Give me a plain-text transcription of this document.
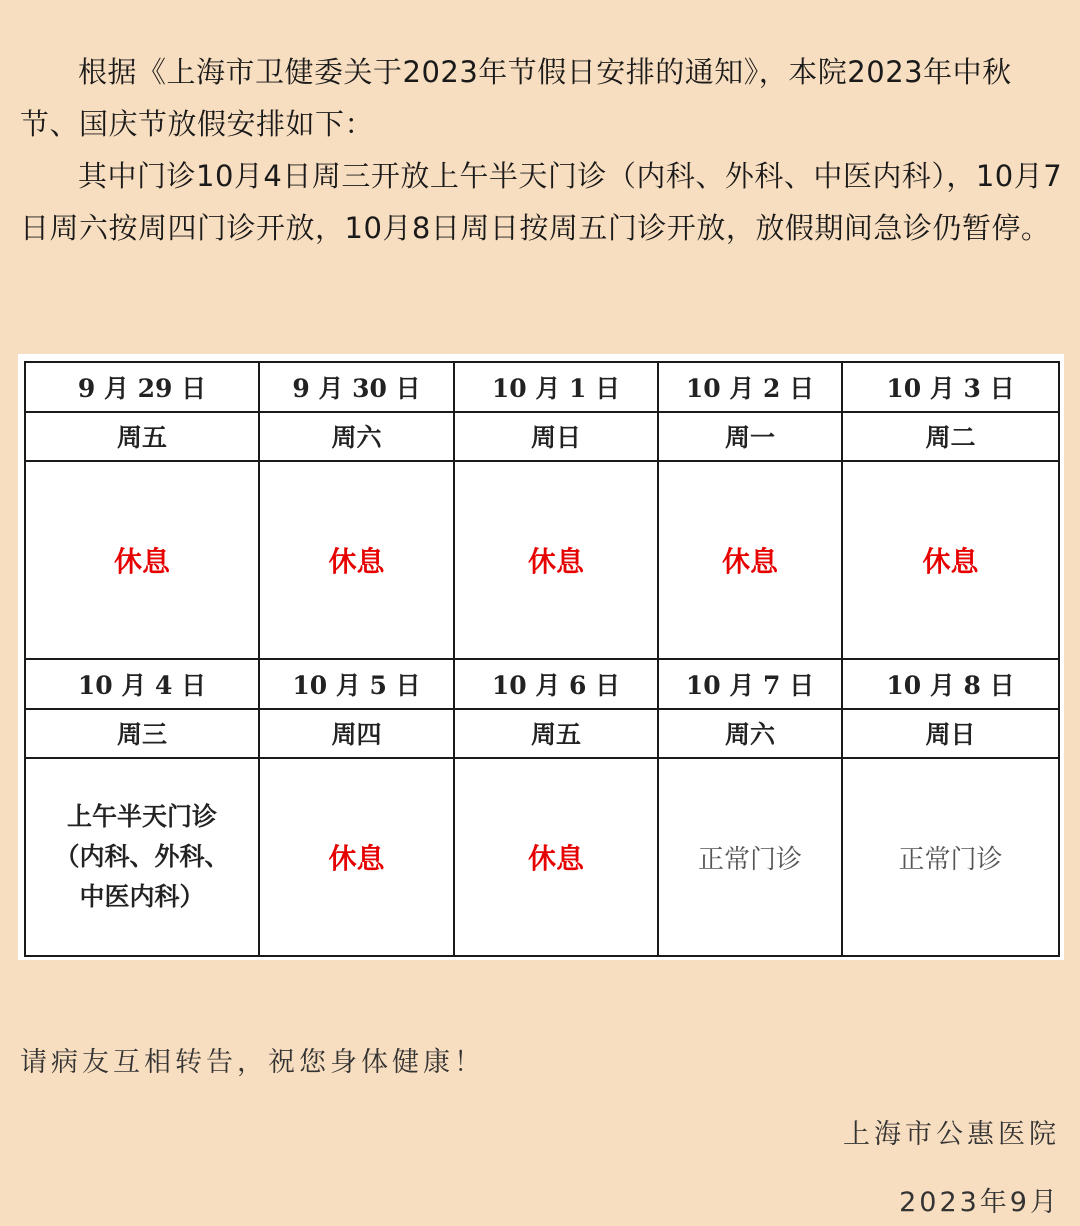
根据《上海市卫健委关于2023年节假日安排的通知》，本院2023年中秋节、国庆节放假安排如下：

其中门诊10月4日周三开放上午半天门诊（内科、外科、中医内科），10月7日周六按周四门诊开放，10月8日周日按周五门诊开放，放假期间急诊仍暂停。

9 月 29 日	9 月 30 日	10 月 1 日	10 月 2 日	10 月 3 日
周五	周六	周日	周一	周二
休息	休息	休息	休息	休息
10 月 4 日	10 月 5 日	10 月 6 日	10 月 7 日	10 月 8 日
周三	周四	周五	周六	周日
上午半天门诊
（内科、外科、
中医内科）	休息	休息	正常门诊	正常门诊
请病友互相转告，祝您身体健康！
上海市公惠医院
2023年9月
